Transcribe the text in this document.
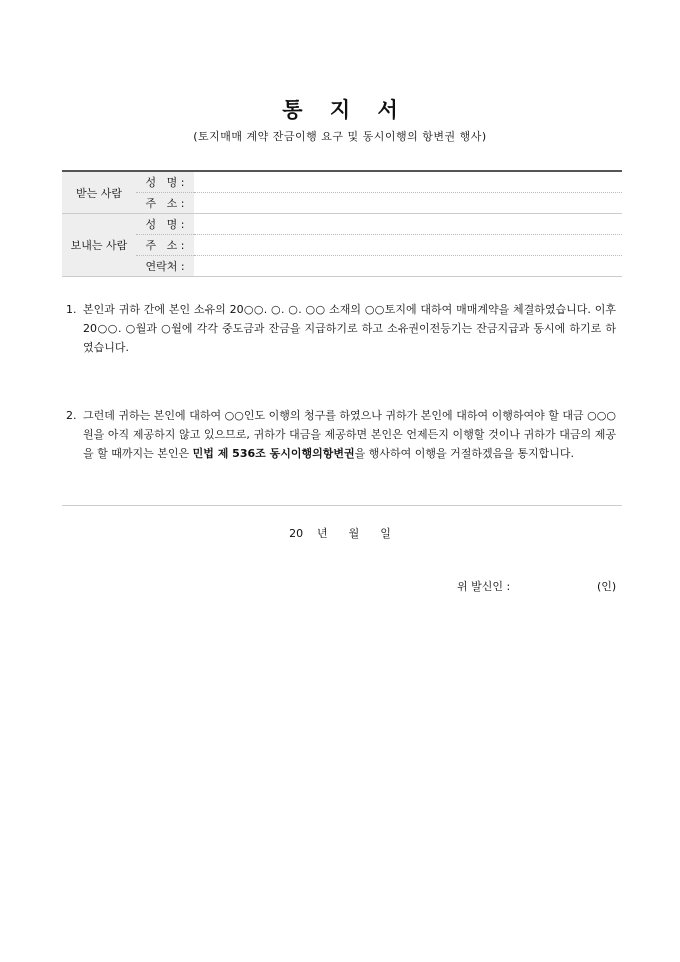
통 지 서
(토지매매 계약 잔금이행 요구 및 동시이행의 항변권 행사)
받는 사람	성   명 :	
	주   소 :	
보내는 사람	성   명 :	
	주   소 :	
	연락처 :	
1. 본인과 귀하 간에 본인 소유의 20○○. ○. ○. ○○ 소재의 ○○토지에 대하여 매매계약을 체결하였습니다. 이후 20○○. ○월과 ○월에 각각 중도금과 잔금을 지급하기로 하고 소유권이전등기는 잔금지급과 동시에 하기로 하였습니다.
2. 그런데 귀하는 본인에 대하여 ○○인도 이행의 청구를 하였으나 귀하가 본인에 대하여 이행하여야 할 대금 ○○○원을 아직 제공하지 않고 있으므로, 귀하가 대금을 제공하면 본인은 언제든지 이행할 것이나 귀하가 대금의 제공을 할 때까지는 본인은 민법 제 536조 동시이행의항변권을 행사하여 이행을 거절하겠음을 통지합니다.
20    년      월      일
위 발신인 :	(인)
